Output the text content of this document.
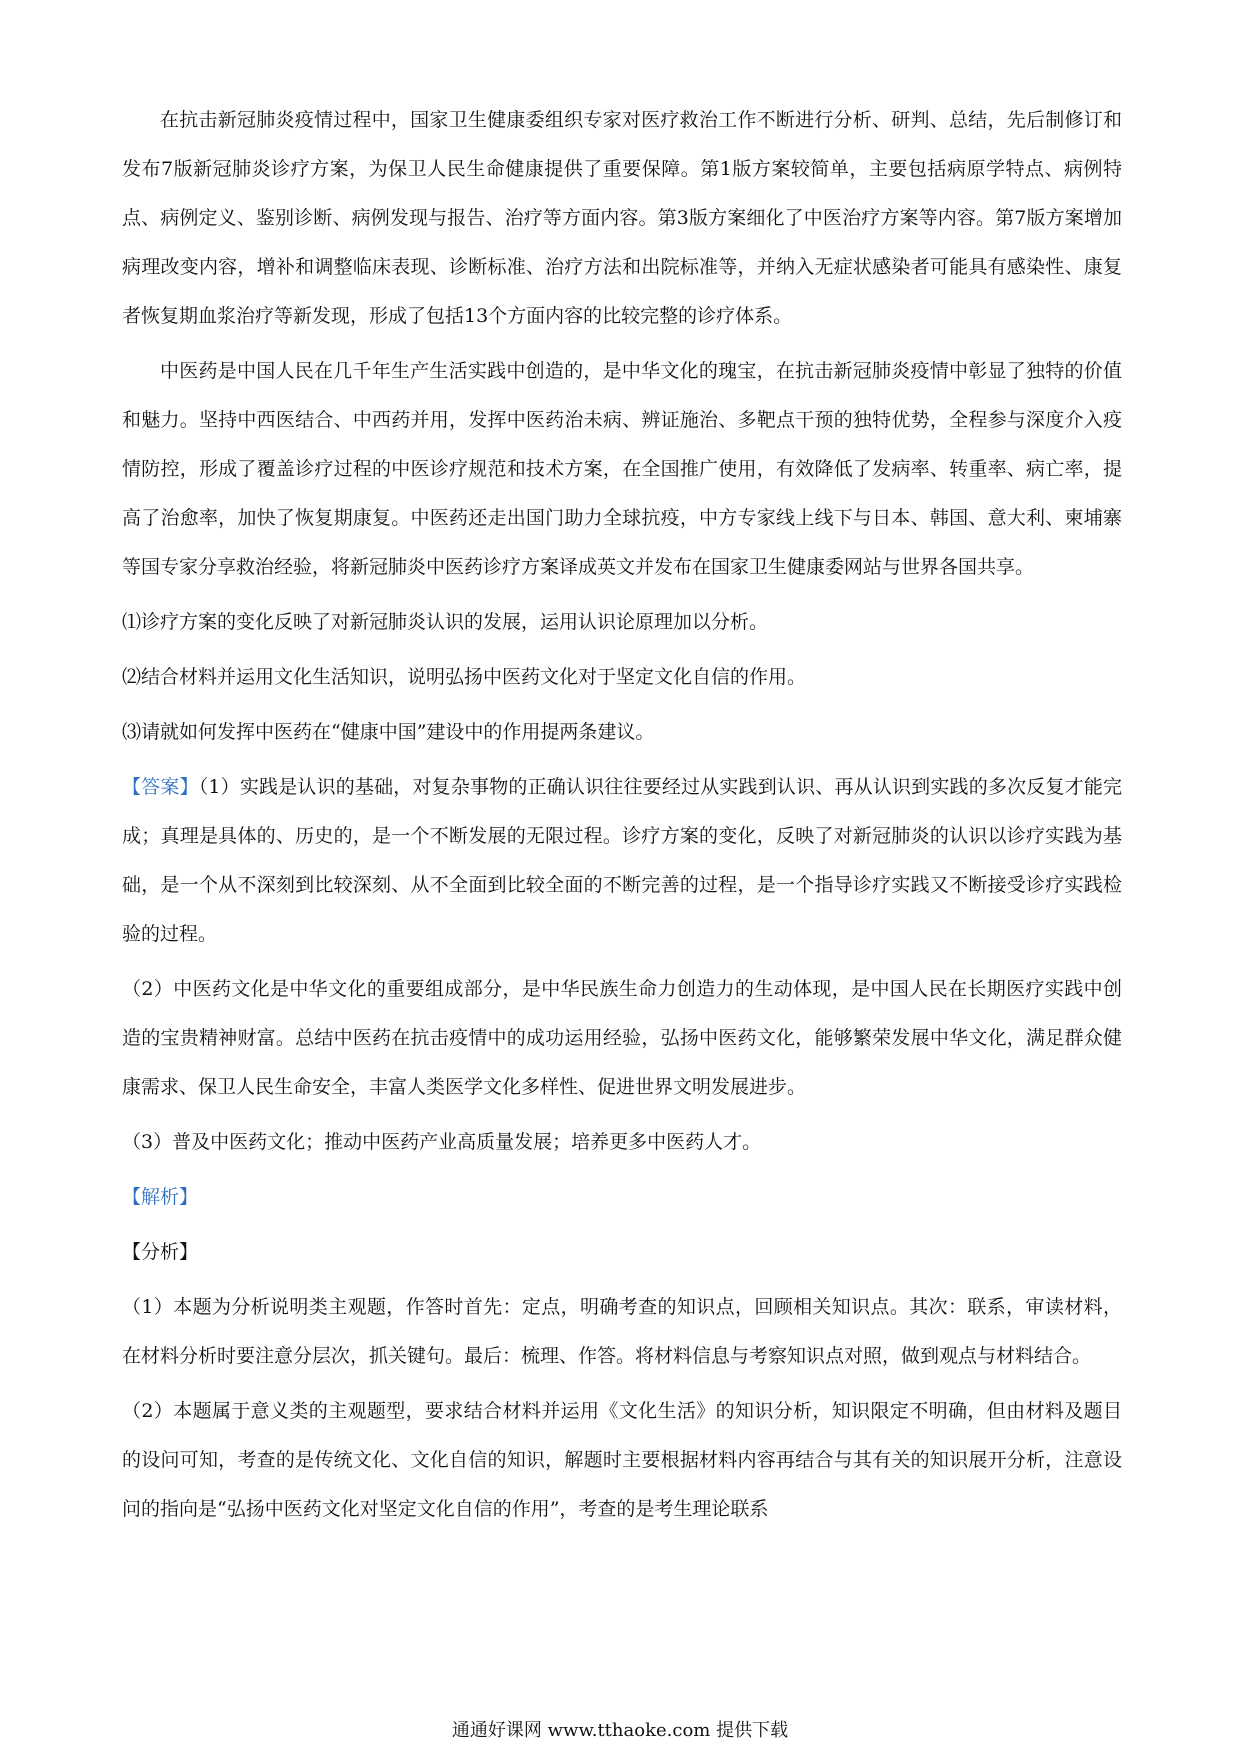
在抗击新冠肺炎疫情过程中，国家卫生健康委组织专家对医疗救治工作不断进行分析、研判、总结，先后制修订和发布7版新冠肺炎诊疗方案，为保卫人民生命健康提供了重要保障。第1版方案较简单，主要包括病原学特点、病例特点、病例定义、鉴别诊断、病例发现与报告、治疗等方面内容。第3版方案细化了中医治疗方案等内容。第7版方案增加病理改变内容，增补和调整临床表现、诊断标准、治疗方法和出院标准等，并纳入无症状感染者可能具有感染性、康复者恢复期血浆治疗等新发现，形成了包括13个方面内容的比较完整的诊疗体系。

中医药是中国人民在几千年生产生活实践中创造的，是中华文化的瑰宝，在抗击新冠肺炎疫情中彰显了独特的价值和魅力。坚持中西医结合、中西药并用，发挥中医药治未病、辨证施治、多靶点干预的独特优势，全程参与深度介入疫情防控，形成了覆盖诊疗过程的中医诊疗规范和技术方案，在全国推广使用，有效降低了发病率、转重率、病亡率，提高了治愈率，加快了恢复期康复。中医药还走出国门助力全球抗疫，中方专家线上线下与日本、韩国、意大利、柬埔寨等国专家分享救治经验，将新冠肺炎中医药诊疗方案译成英文并发布在国家卫生健康委网站与世界各国共享。

⑴诊疗方案的变化反映了对新冠肺炎认识的发展，运用认识论原理加以分析。

⑵结合材料并运用文化生活知识，说明弘扬中医药文化对于坚定文化自信的作用。

⑶请就如何发挥中医药在“健康中国”建设中的作用提两条建议。

【答案】（1）实践是认识的基础，对复杂事物的正确认识往往要经过从实践到认识、再从认识到实践的多次反复才能完成；真理是具体的、历史的，是一个不断发展的无限过程。诊疗方案的变化，反映了对新冠肺炎的认识以诊疗实践为基础，是一个从不深刻到比较深刻、从不全面到比较全面的不断完善的过程，是一个指导诊疗实践又不断接受诊疗实践检验的过程。

（2）中医药文化是中华文化的重要组成部分，是中华民族生命力创造力的生动体现，是中国人民在长期医疗实践中创造的宝贵精神财富。总结中医药在抗击疫情中的成功运用经验，弘扬中医药文化，能够繁荣发展中华文化，满足群众健康需求、保卫人民生命安全，丰富人类医学文化多样性、促进世界文明发展进步。

（3）普及中医药文化；推动中医药产业高质量发展；培养更多中医药人才。

【解析】

【分析】

（1）本题为分析说明类主观题，作答时首先：定点，明确考查的知识点，回顾相关知识点。其次：联系，审读材料，在材料分析时要注意分层次，抓关键句。最后：梳理、作答。将材料信息与考察知识点对照，做到观点与材料结合。

（2）本题属于意义类的主观题型，要求结合材料并运用《文化生活》的知识分析，知识限定不明确，但由材料及题目的设问可知，考查的是传统文化、文化自信的知识，解题时主要根据材料内容再结合与其有关的知识展开分析，注意设问的指向是“弘扬中医药文化对坚定文化自信的作用”，考查的是考生理论联系

通通好课网 www.tthaoke.com 提供下载
